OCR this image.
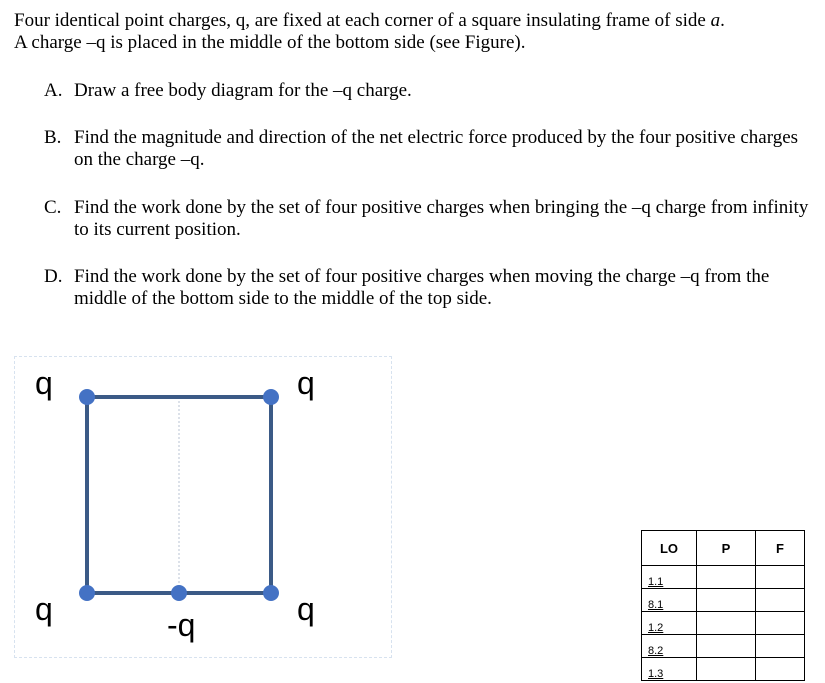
Four identical point charges, q, are fixed at each corner of a square insulating frame of side a.
A charge –q is placed in the middle of the bottom side (see Figure).
A. Draw a free body diagram for the –q charge.
B. Find the magnitude and direction of the net electric force produced by the four positive charges on the charge –q.
C. Find the work done by the set of four positive charges when bringing the –q charge from infinity to its current position.
D. Find the work done by the set of four positive charges when moving the charge –q from the middle of the bottom side to the middle of the top side.
q	q
q	-q	q
LO	P	F
1.1		
8.1		
1.2		
8.2		
1.3		
